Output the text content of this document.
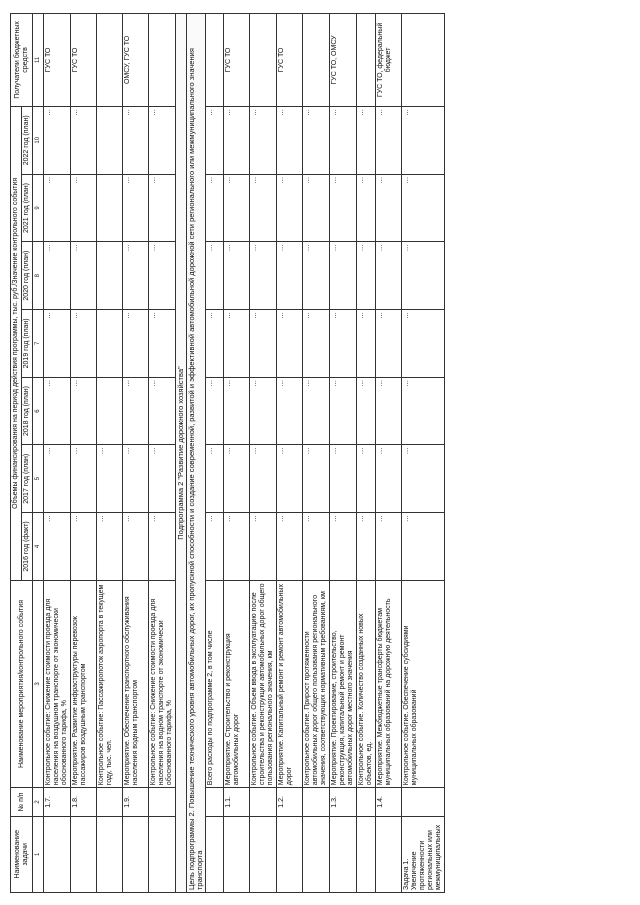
Наименование задачи	№ п/п	Наименование мероприятия/контрольного события	Объемы финансирования на период действия программы, тыс. руб./Значение контрольного события							Получатели бюджетных средств
			2016 год (факт)	2017 год (план)	2018 год (план)	2019 год (план)	2020 год (план)	2021 год (план)	2022 год (план)	
1	2	3	4	5	6	7	8	9	10	11
	1.7.	Контрольное событие: Снижение стоимости проезда для населения на воздушном транспорте от экономически обоснованного тарифа, %	…	…	…	…	…	…	…	ГУС ТО
	1.8.	Мероприятие. Развитие инфраструктуры перевозок пассажиров воздушным транспортом	…	…	…	…	…	…	…	ГУС ТО
		Контрольное событие: Пассажиропоток аэропорта в текущем году, тыс. чел.	…	…						
	1.9.	Мероприятие. Обеспечение транспортного обслуживания населения водным транспортом	…	…	…	…	…	…	…	ОМСУ, ГУС ТО
		Контрольное событие: Снижение стоимости проезда для населения на водном транспорте от экономически обоснованного тарифа, %	…	…	…	…	…	…	…	
Подпрограмма 2 "Развитие дорожного хозяйства"										
Цель подпрограммы 2. Повышение технического уровня автомобильных дорог, их пропускной способности и создание современной, развитой и эффективной автомобильной дорожной сети регионального или межмуниципального значения транспорта										
		Всего расходы по подпрограмме 2, в том числе	…	…	…	…	…	…	…	
	1.1.	Мероприятие. Строительство и реконструкция автомобильных дорог	…	…	…	…	…	…	…	ГУС ТО
		Контрольное событие. Объем ввода в эксплуатацию после строительства и реконструкции автомобильных дорог общего пользования регионального значения, км	…	…	…	…	…	…	…	
	1.2.	Мероприятие. Капитальный ремонт и ремонт автомобильных дорог	…	…	…	…	…	…	…	ГУС ТО
		Контрольное событие. Прирост протяженности автомобильных дорог общего пользования регионального значения, соответствующих нормативным требованиям, км	…	…	…	…	…	…	…	
	1.3.	Мероприятие. Проектирование, строительство, реконструкция, капитальный ремонт и ремонт автомобильных дорог местного значения	…	…	…	…	…	…	…	ГУС ТО, ОМСУ
		Контрольное событие. Количество созданных новых объектов, ед.	…	…	…	…	…	…	…	
	1.4.	Мероприятие. Межбюджетные трансферты бюджетам муниципальных образований на дорожную деятельность	…	…	…	…	…	…	…	ГУС ТО, федеральный бюджет
Задача 1. Увеличение протяженности региональных или межмуниципальных		Контрольное событие. Обеспечение субсидиями муниципальных образований	…	…	…	…	…	…	…	
